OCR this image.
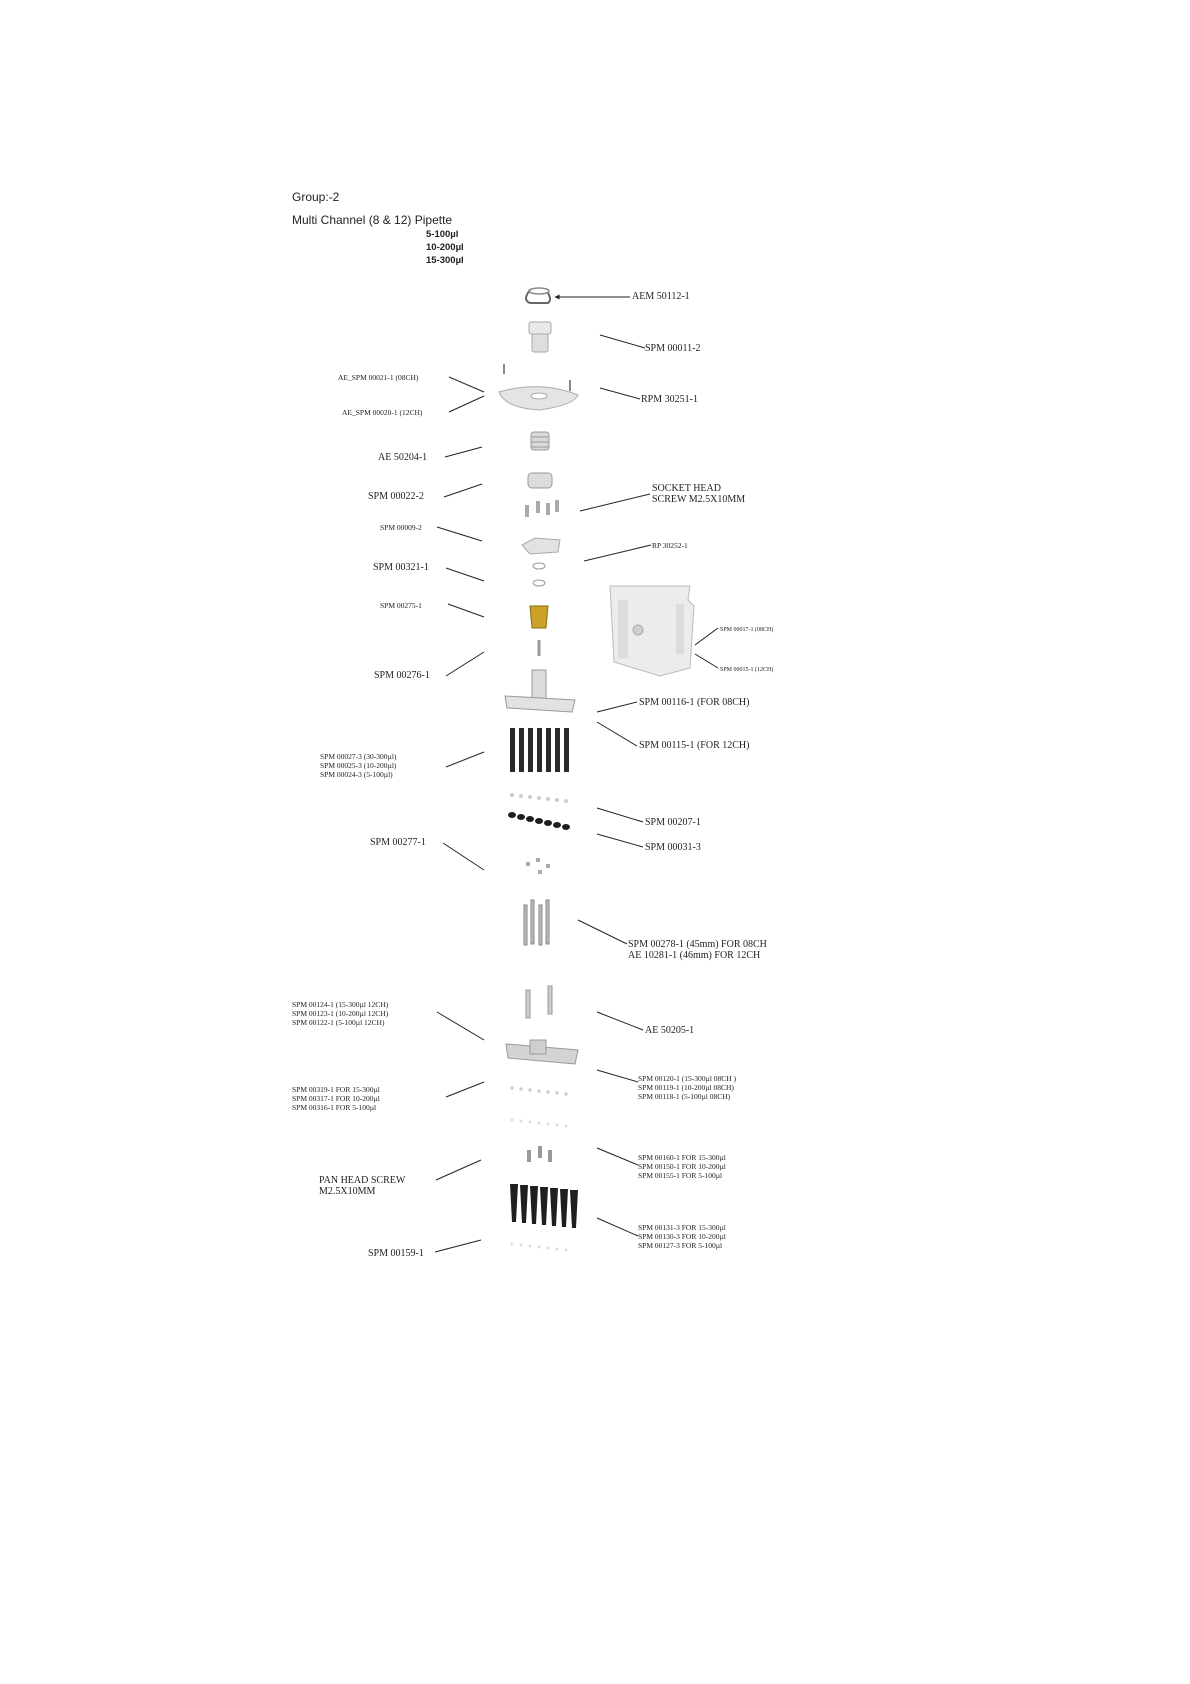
Group:-2
Multi Channel (8 & 12) Pipette
5-100µl
10-200µl
15-300µl
AEM 50112-1
SPM 00011-2
AE_SPM 00021-1 (08CH)
AE_SPM 00020-1 (12CH)
RPM 30251-1
AE 50204-1
SPM 00022-2
SOCKET HEAD
SCREW M2.5X10MM
SPM 00009-2
RP 30252-1
SPM 00321-1
SPM 00275-1
SPM 00017-1 (08CH)
SPM 00015-1 (12CH)
SPM 00276-1
SPM 00116-1 (FOR 08CH)
SPM 00115-1 (FOR 12CH)
SPM 00027-3 (30-300µl)
SPM 00025-3 (10-200µl)
SPM 00024-3 (5-100µl)
SPM 00207-1
SPM 00277-1	SPM 00031-3
SPM 00278-1 (45mm) FOR 08CH
AE 10281-1 (46mm) FOR 12CH
SPM 00124-1 (15-300µl 12CH)
SPM 00123-1 (10-200µl 12CH)
SPM 00122-1 (5-100µl 12CH)
AE 50205-1
SPM 00120-1 (15-300µl 08CH )
SPM 00119-1 (10-200µl 08CH)
SPM 00118-1 (5-100µl 08CH)
SPM 00319-1 FOR 15-300µl
SPM 00317-1 FOR 10-200µl
SPM 00316-1 FOR 5-100µl
SPM 00160-1 FOR 15-300µl
SPM 00150-1 FOR 10-200µl
SPM 00155-1 FOR 5-100µl
PAN HEAD SCREW
M2.5X10MM
SPM 00131-3 FOR 15-300µl
SPM 00130-3 FOR 10-200µl
SPM 00127-3 FOR 5-100µl
SPM 00159-1
